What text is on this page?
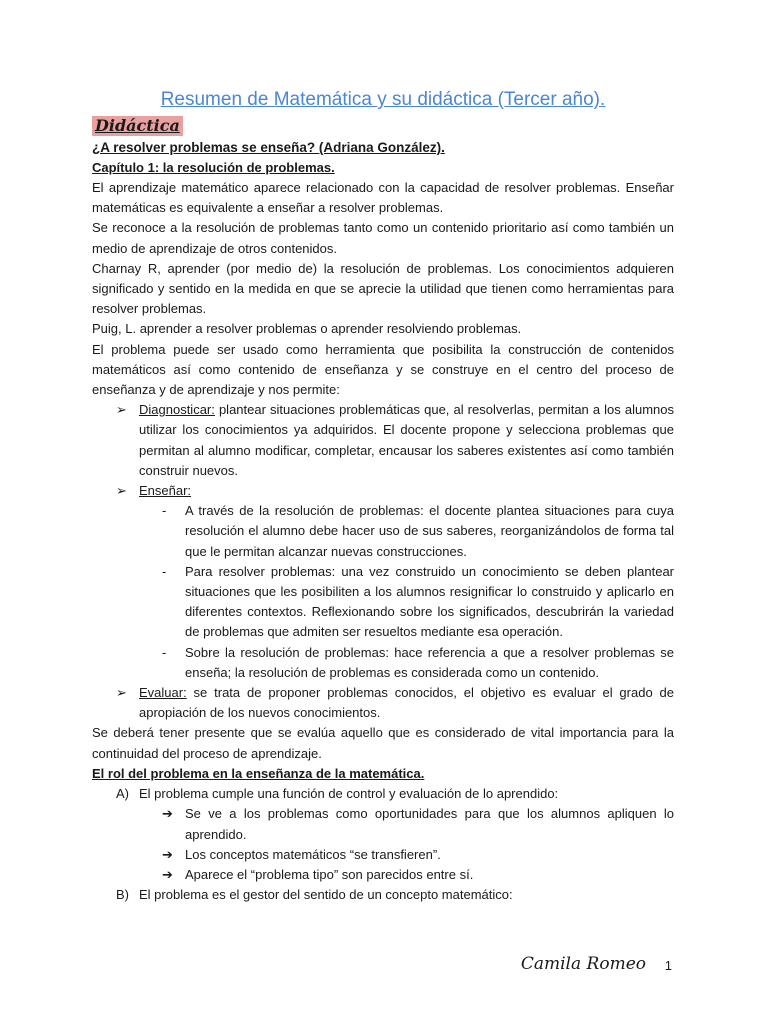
Resumen de Matemática y su didáctica (Tercer año).
Didáctica
¿A resolver problemas se enseña? (Adriana González).
Capítulo 1: la resolución de problemas.

El aprendizaje matemático aparece relacionado con la capacidad de resolver problemas. Enseñar matemáticas es equivalente a enseñar a resolver problemas.

Se reconoce a la resolución de problemas tanto como un contenido prioritario así como también un medio de aprendizaje de otros contenidos.

Charnay R, aprender (por medio de) la resolución de problemas. Los conocimientos adquieren significado y sentido en la medida en que se aprecie la utilidad que tienen como herramientas para resolver problemas.

Puig, L. aprender a resolver problemas o aprender resolviendo problemas.

El problema puede ser usado como herramienta que posibilita la construcción de contenidos matemáticos así como contenido de enseñanza y se construye en el centro del proceso de enseñanza y de aprendizaje y nos permite:

➢ Diagnosticar: plantear situaciones problemáticas que, al resolverlas, permitan a los alumnos utilizar los conocimientos ya adquiridos. El docente propone y selecciona problemas que permitan al alumno modificar, completar, encausar los saberes existentes así como también construir nuevos.
➢ Enseñar:
-	A través de la resolución de problemas: el docente plantea situaciones para cuya resolución el alumno debe hacer uso de sus saberes, reorganizándolos de forma tal que le permitan alcanzar nuevas construcciones.
-	Para resolver problemas: una vez construido un conocimiento se deben plantear situaciones que les posibiliten a los alumnos resignificar lo construido y aplicarlo en diferentes contextos. Reflexionando sobre los significados, descubrirán la variedad de problemas que admiten ser resueltos mediante esa operación.
-	Sobre la resolución de problemas: hace referencia a que a resolver problemas se enseña; la resolución de problemas es considerada como un contenido.
➢ Evaluar: se trata de proponer problemas conocidos, el objetivo es evaluar el grado de apropiación de los nuevos conocimientos.

Se deberá tener presente que se evalúa aquello que es considerado de vital importancia para la continuidad del proceso de aprendizaje.

El rol del problema en la enseñanza de la matemática.
A) El problema cumple una función de control y evaluación de lo aprendido:
➔ Se ve a los problemas como oportunidades para que los alumnos apliquen lo aprendido.
➔ Los conceptos matemáticos “se transfieren”.
➔ Aparece el “problema tipo” son parecidos entre sí.
B) El problema es el gestor del sentido de un concepto matemático:
Camila Romeo 1
